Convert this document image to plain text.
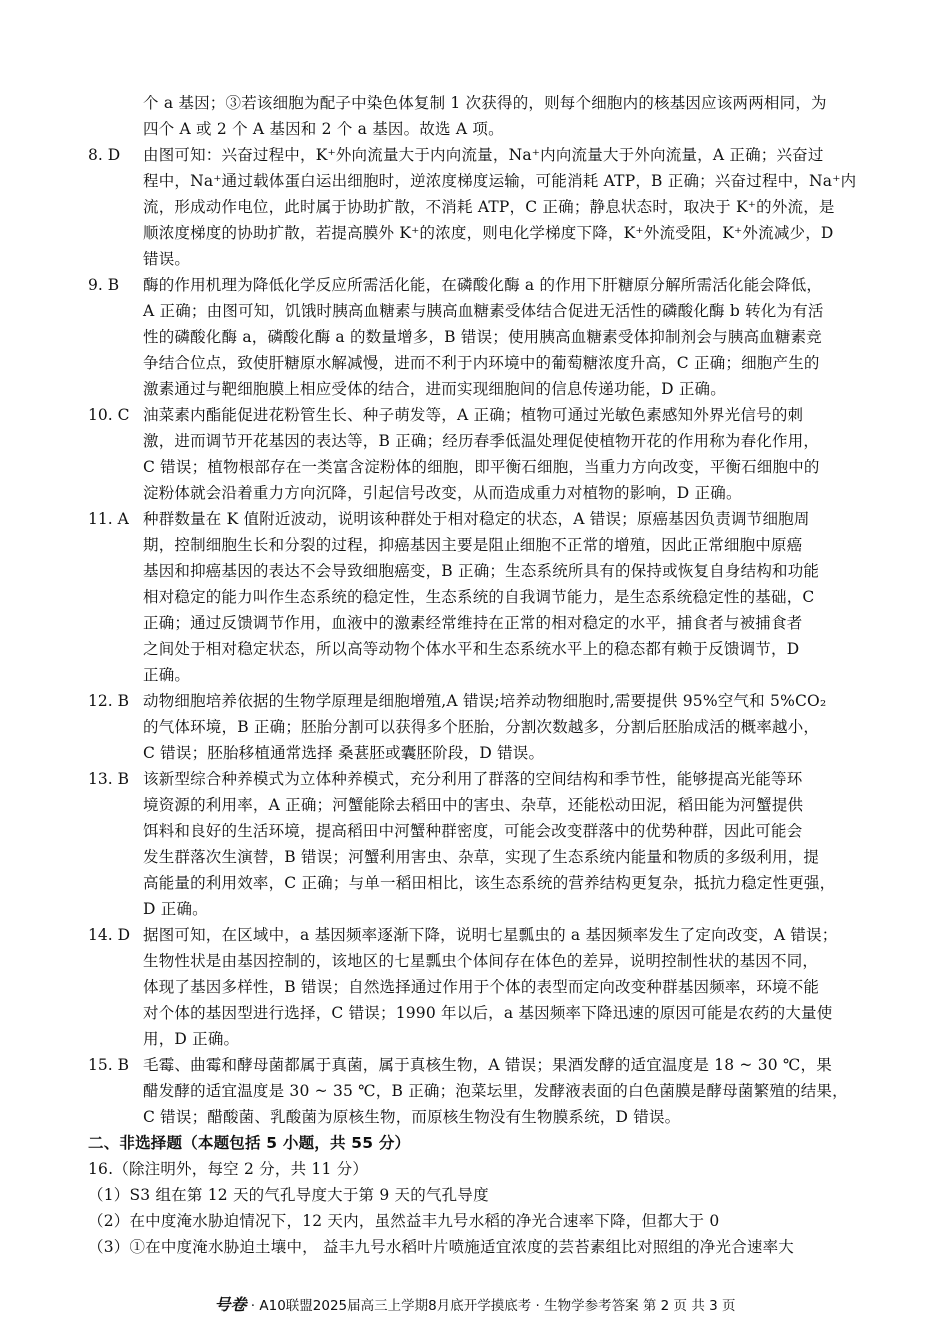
个 a 基因；③若该细胞为配子中染色体复制 1 次获得的，则每个细胞内的核基因应该两两相同，为
四个 A 或 2 个 A 基因和 2 个 a 基因。故选 A 项。
8. D 由图可知：兴奋过程中，K⁺外向流量大于内向流量，Na⁺内向流量大于外向流量，A 正确；兴奋过
程中，Na⁺通过载体蛋白运出细胞时，逆浓度梯度运输，可能消耗 ATP，B 正确；兴奋过程中，Na⁺内
流，形成动作电位，此时属于协助扩散，不消耗 ATP，C 正确；静息状态时，取决于 K⁺的外流，是
顺浓度梯度的协助扩散，若提高膜外 K⁺的浓度，则电化学梯度下降，K⁺外流受阻，K⁺外流减少，D
错误。
9. B 酶的作用机理为降低化学反应所需活化能，在磷酸化酶 a 的作用下肝糖原分解所需活化能会降低，
A 正确；由图可知，饥饿时胰高血糖素与胰高血糖素受体结合促进无活性的磷酸化酶 b 转化为有活
性的磷酸化酶 a，磷酸化酶 a 的数量增多，B 错误；使用胰高血糖素受体抑制剂会与胰高血糖素竞
争结合位点，致使肝糖原水解减慢，进而不利于内环境中的葡萄糖浓度升高，C 正确；细胞产生的
激素通过与靶细胞膜上相应受体的结合，进而实现细胞间的信息传递功能，D 正确。
10. C 油菜素内酯能促进花粉管生长、种子萌发等，A 正确；植物可通过光敏色素感知外界光信号的刺
激，进而调节开花基因的表达等，B 正确；经历春季低温处理促使植物开花的作用称为春化作用，
C 错误；植物根部存在一类富含淀粉体的细胞，即平衡石细胞，当重力方向改变，平衡石细胞中的
淀粉体就会沿着重力方向沉降，引起信号改变，从而造成重力对植物的影响，D 正确。
11. A 种群数量在 K 值附近波动，说明该种群处于相对稳定的状态，A 错误；原癌基因负责调节细胞周
期，控制细胞生长和分裂的过程，抑癌基因主要是阻止细胞不正常的增殖，因此正常细胞中原癌
基因和抑癌基因的表达不会导致细胞癌变，B 正确；生态系统所具有的保持或恢复自身结构和功能
相对稳定的能力叫作生态系统的稳定性，生态系统的自我调节能力，是生态系统稳定性的基础，C
正确；通过反馈调节作用，血液中的激素经常维持在正常的相对稳定的水平，捕食者与被捕食者
之间处于相对稳定状态，所以高等动物个体水平和生态系统水平上的稳态都有赖于反馈调节，D
正确。
12. B 动物细胞培养依据的生物学原理是细胞增殖,A 错误;培养动物细胞时,需要提供 95%空气和 5%CO₂
的气体环境，B 正确；胚胎分割可以获得多个胚胎，分割次数越多，分割后胚胎成活的概率越小，
C 错误；胚胎移植通常选择 桑葚胚或囊胚阶段，D 错误。
13. B 该新型综合种养模式为立体种养模式，充分利用了群落的空间结构和季节性，能够提高光能等环
境资源的利用率，A 正确；河蟹能除去稻田中的害虫、杂草，还能松动田泥，稻田能为河蟹提供
饵料和良好的生活环境，提高稻田中河蟹种群密度，可能会改变群落中的优势种群，因此可能会
发生群落次生演替，B 错误；河蟹利用害虫、杂草，实现了生态系统内能量和物质的多级利用，提
高能量的利用效率，C 正确；与单一稻田相比，该生态系统的营养结构更复杂，抵抗力稳定性更强，
D 正确。
14. D 据图可知，在区域中，a 基因频率逐渐下降，说明七星瓢虫的 a 基因频率发生了定向改变，A 错误；
生物性状是由基因控制的，该地区的七星瓢虫个体间存在体色的差异，说明控制性状的基因不同，
体现了基因多样性，B 错误；自然选择通过作用于个体的表型而定向改变种群基因频率，环境不能
对个体的基因型进行选择，C 错误；1990 年以后，a 基因频率下降迅速的原因可能是农药的大量使
用，D 正确。
15. B 毛霉、曲霉和酵母菌都属于真菌，属于真核生物，A 错误；果酒发酵的适宜温度是 18 ~ 30 ℃，果
醋发酵的适宜温度是 30 ~ 35 ℃，B 正确；泡菜坛里，发酵液表面的白色菌膜是酵母菌繁殖的结果，
C 错误；醋酸菌、乳酸菌为原核生物，而原核生物没有生物膜系统，D 错误。
二、非选择题（本题包括 5 小题，共 55 分）
16.（除注明外，每空 2 分，共 11 分）
（1）S3 组在第 12 天的气孔导度大于第 9 天的气孔导度
（2）在中度淹水胁迫情况下，12 天内，虽然益丰九号水稻的净光合速率下降，但都大于 0
（3）①在中度淹水胁迫土壤中， 益丰九号水稻叶片喷施适宜浓度的芸苔素组比对照组的净光合速率大
号卷 · A10联盟2025届高三上学期8月底开学摸底考 · 生物学参考答案 第 2 页 共 3 页
